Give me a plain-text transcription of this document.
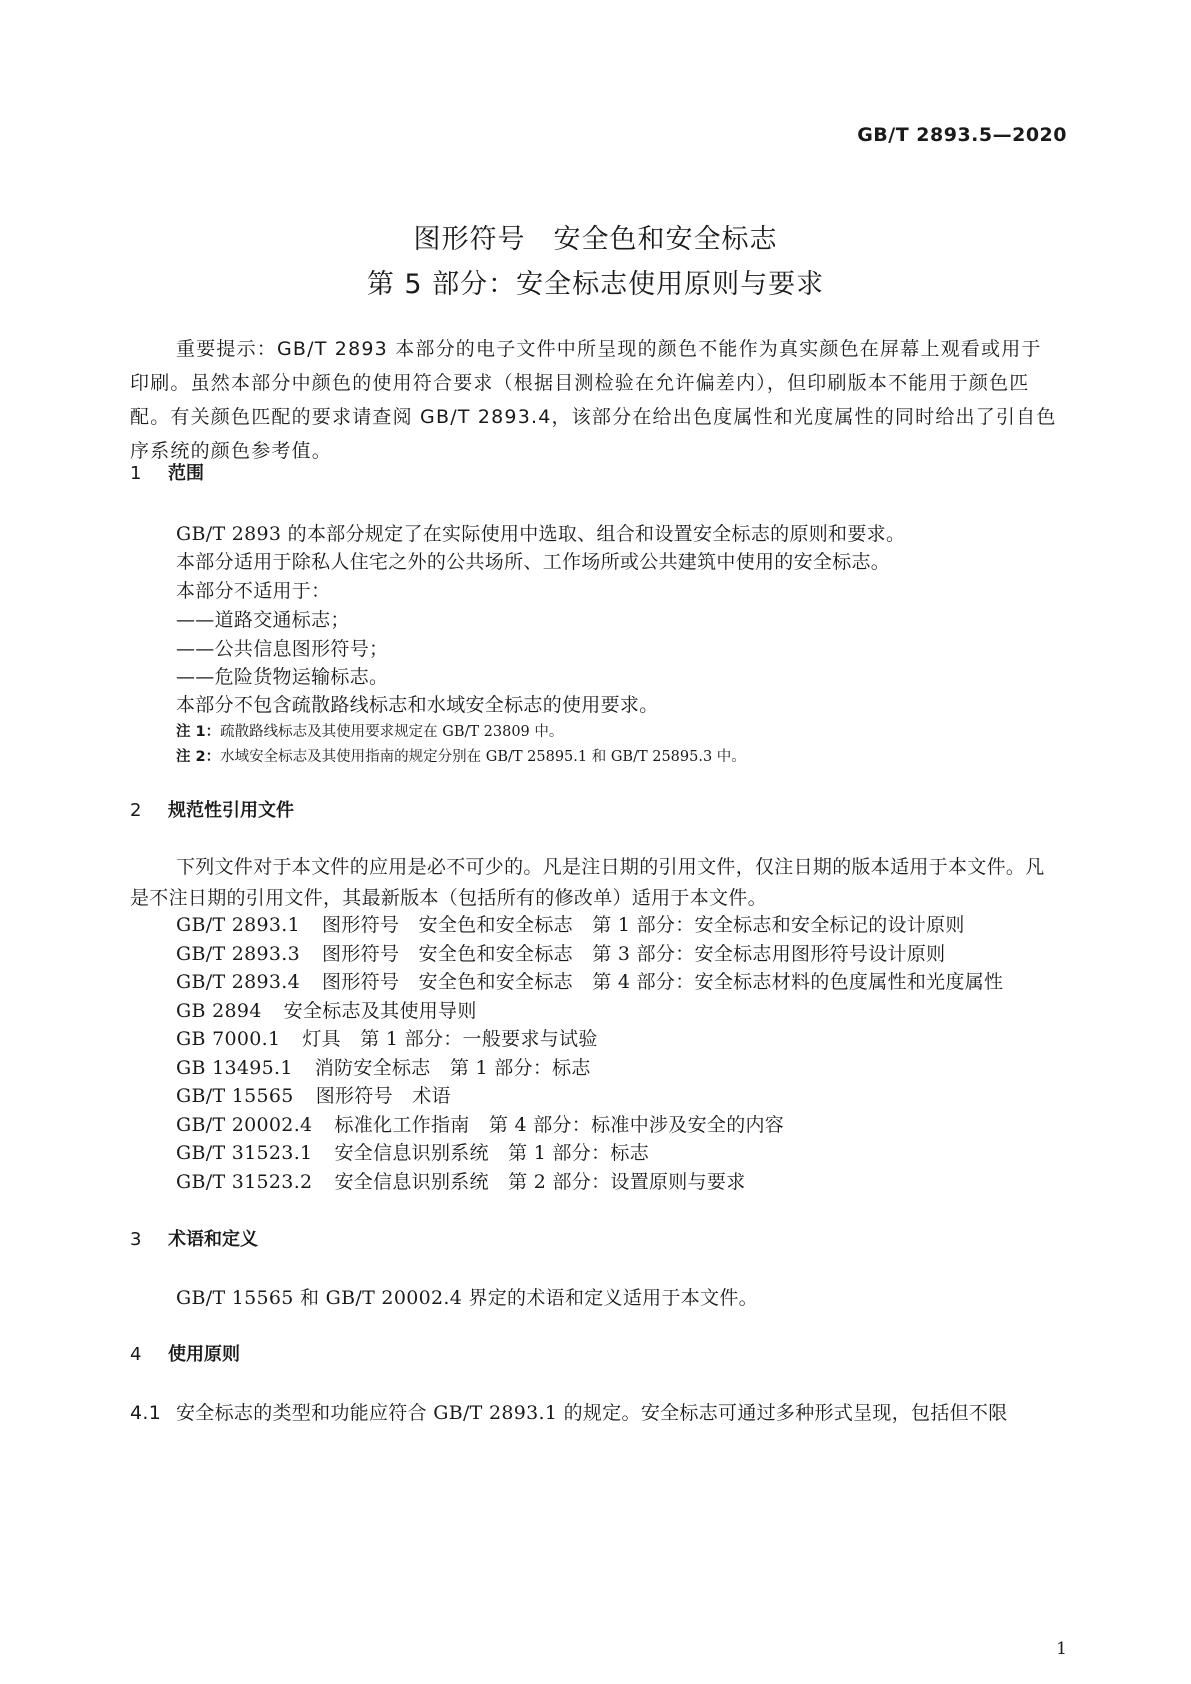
GB/T 2893.5—2020
图形符号　安全色和安全标志
第 5 部分：安全标志使用原则与要求
重要提示：GB/T 2893 本部分的电子文件中所呈现的颜色不能作为真实颜色在屏幕上观看或用于印刷。虽然本部分中颜色的使用符合要求（根据目测检验在允许偏差内），但印刷版本不能用于颜色匹配。有关颜色匹配的要求请查阅 GB/T 2893.4，该部分在给出色度属性和光度属性的同时给出了引自色序系统的颜色参考值。
1 范围
GB/T 2893 的本部分规定了在实际使用中选取、组合和设置安全标志的原则和要求。
本部分适用于除私人住宅之外的公共场所、工作场所或公共建筑中使用的安全标志。
本部分不适用于：
——道路交通标志；
——公共信息图形符号；
——危险货物运输标志。
本部分不包含疏散路线标志和水域安全标志的使用要求。
注 1：疏散路线标志及其使用要求规定在 GB/T 23809 中。
注 2：水域安全标志及其使用指南的规定分别在 GB/T 25895.1 和 GB/T 25895.3 中。
2 规范性引用文件
下列文件对于本文件的应用是必不可少的。凡是注日期的引用文件，仅注日期的版本适用于本文件。凡是不注日期的引用文件，其最新版本（包括所有的修改单）适用于本文件。
GB/T 2893.1 图形符号　安全色和安全标志　第 1 部分：安全标志和安全标记的设计原则
GB/T 2893.3 图形符号　安全色和安全标志　第 3 部分：安全标志用图形符号设计原则
GB/T 2893.4 图形符号　安全色和安全标志　第 4 部分：安全标志材料的色度属性和光度属性
GB 2894 安全标志及其使用导则
GB 7000.1 灯具　第 1 部分：一般要求与试验
GB 13495.1 消防安全标志　第 1 部分：标志
GB/T 15565 图形符号　术语
GB/T 20002.4 标准化工作指南　第 4 部分：标准中涉及安全的内容
GB/T 31523.1 安全信息识别系统　第 1 部分：标志
GB/T 31523.2 安全信息识别系统　第 2 部分：设置原则与要求
3 术语和定义
GB/T 15565 和 GB/T 20002.4 界定的术语和定义适用于本文件。
4 使用原则
4.1 安全标志的类型和功能应符合 GB/T 2893.1 的规定。安全标志可通过多种形式呈现，包括但不限
1
